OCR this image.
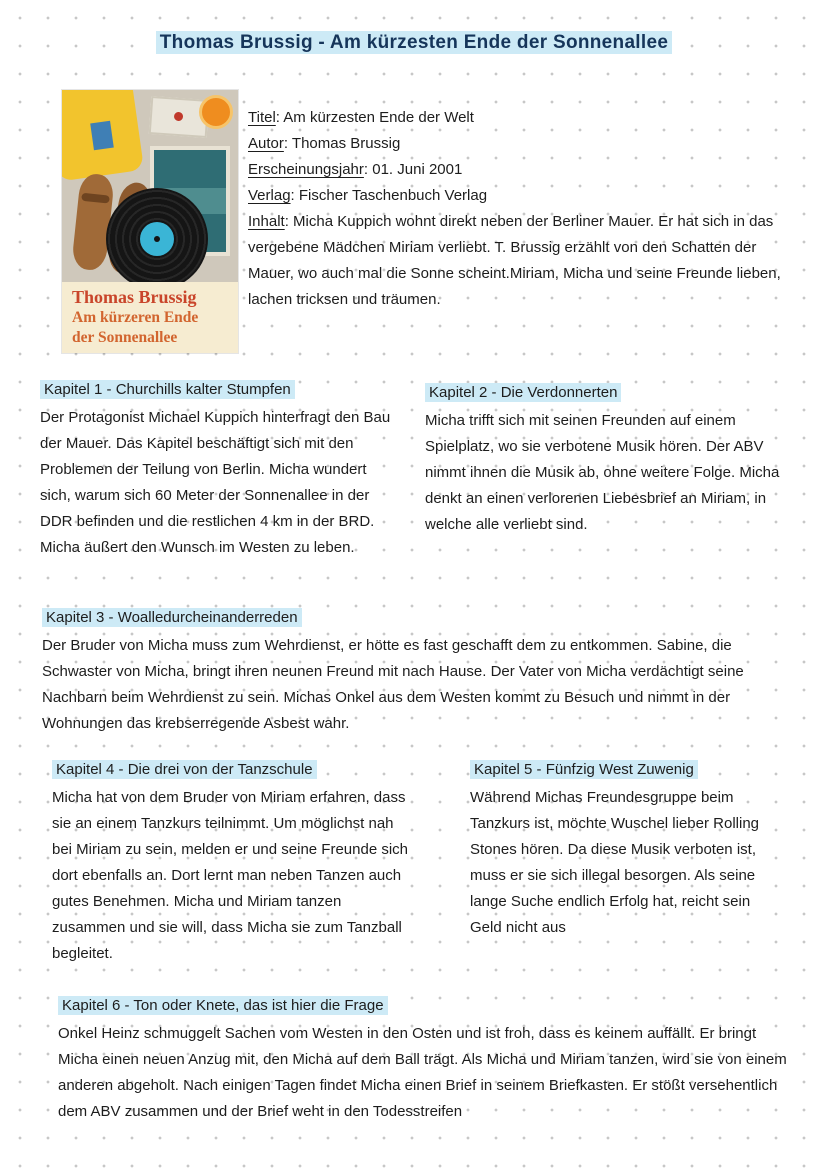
Thomas Brussig - Am kürzesten Ende der Sonnenallee
Thomas Brussig
Am kürzeren Ende
der Sonnenallee

Titel: Am kürzesten Ende der Welt

Autor: Thomas Brussig

Erscheinungsjahr: 01. Juni 2001

Verlag: Fischer Taschenbuch Verlag

Inhalt: Micha Kuppich wohnt direkt neben der Berliner Mauer. Er hat sich in das vergebene Mädchen Miriam verliebt. T. Brussig erzählt von den Schatten der Mauer, wo auch mal die Sonne scheint.Miriam, Micha und seine Freunde lieben, lachen tricksen und träumen.

Kapitel 1 - Churchills kalter Stumpfen

Der Protagonist Michael Kuppich hinterfragt den Bau der Mauer. Das Kapitel beschäftigt sich mit den Problemen der Teilung von Berlin. Micha wundert sich, warum sich 60 Meter der Sonnenallee in der DDR befinden und die restlichen 4 km in der BRD. Micha äußert den Wunsch im Westen zu leben.

Kapitel 2 - Die Verdonnerten

Micha trifft sich mit seinen Freunden auf einem Spielplatz, wo sie verbotene Musik hören. Der ABV nimmt ihnen die Musik ab, ohne weitere Folge. Micha denkt an einen verlorenen Liebesbrief an Miriam, in welche alle verliebt sind.

Kapitel 3 - Woalledurcheinanderreden

Der Bruder von Micha muss zum Wehrdienst, er hötte es fast geschafft dem zu entkommen. Sabine, die Schwaster von Micha, bringt ihren neunen Freund mit nach Hause. Der Vater von Micha verdächtigt seine Nachbarn beim Wehrdienst zu sein. Michas Onkel aus dem Westen kommt zu Besuch und nimmt in der Wohnungen das krebserregende Asbest wahr.

Kapitel 4 - Die drei von der Tanzschule

Micha hat von dem Bruder von Miriam erfahren, dass sie an einem Tanzkurs teilnimmt. Um möglichst nah bei Miriam zu sein, melden er und seine Freunde sich dort ebenfalls an. Dort lernt man neben Tanzen auch gutes Benehmen. Micha und Miriam tanzen zusammen und sie will, dass Micha sie zum Tanzball begleitet.

Kapitel 5 - Fünfzig West Zuwenig

Während Michas Freundesgruppe beim Tanzkurs ist, möchte Wuschel lieber Rolling Stones hören. Da diese Musik verboten ist, muss er sie sich illegal besorgen. Als seine lange Suche endlich Erfolg hat, reicht sein Geld nicht aus

Kapitel 6 - Ton oder Knete, das ist hier die Frage

Onkel Heinz schmuggelt Sachen vom Westen in den Osten und ist froh, dass es keinem auffällt. Er bringt Micha einen neuen Anzug mit, den Micha auf dem Ball trägt. Als Micha und Miriam tanzen, wird sie von einem anderen abgeholt. Nach einigen Tagen findet Micha einen Brief in seinem Briefkasten. Er stößt versehentlich dem ABV zusammen und der Brief weht in den Todesstreifen
